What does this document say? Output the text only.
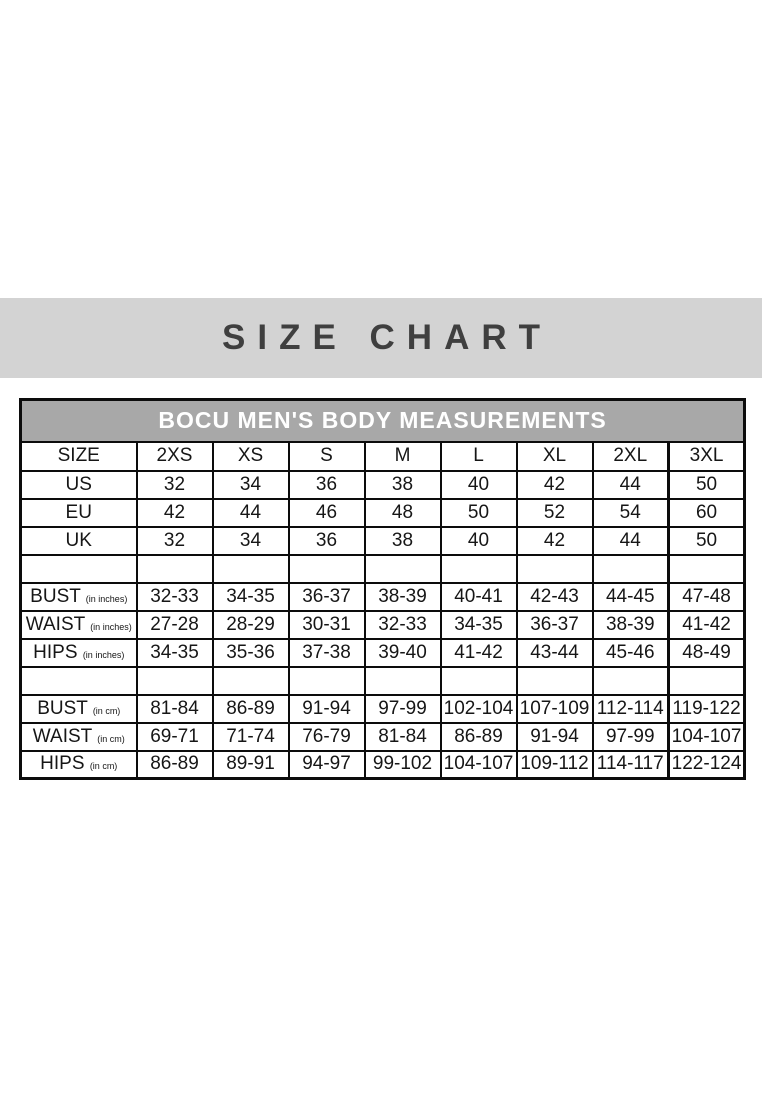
SIZE CHART
BOCU MEN'S BODY MEASUREMENTS								
SIZE	2XS	XS	S	M	L	XL	2XL	3XL
US	32	34	36	38	40	42	44	50
EU	42	44	46	48	50	52	54	60
UK	32	34	36	38	40	42	44	50

BUST (in inches)	32-33	34-35	36-37	38-39	40-41	42-43	44-45	47-48
WAIST (in inches)	27-28	28-29	30-31	32-33	34-35	36-37	38-39	41-42
HIPS (in inches)	34-35	35-36	37-38	39-40	41-42	43-44	45-46	48-49

BUST (in cm)	81-84	86-89	91-94	97-99	102-104	107-109	112-114	119-122
WAIST (in cm)	69-71	71-74	76-79	81-84	86-89	91-94	97-99	104-107
HIPS (in cm)	86-89	89-91	94-97	99-102	104-107	109-112	114-117	122-124
